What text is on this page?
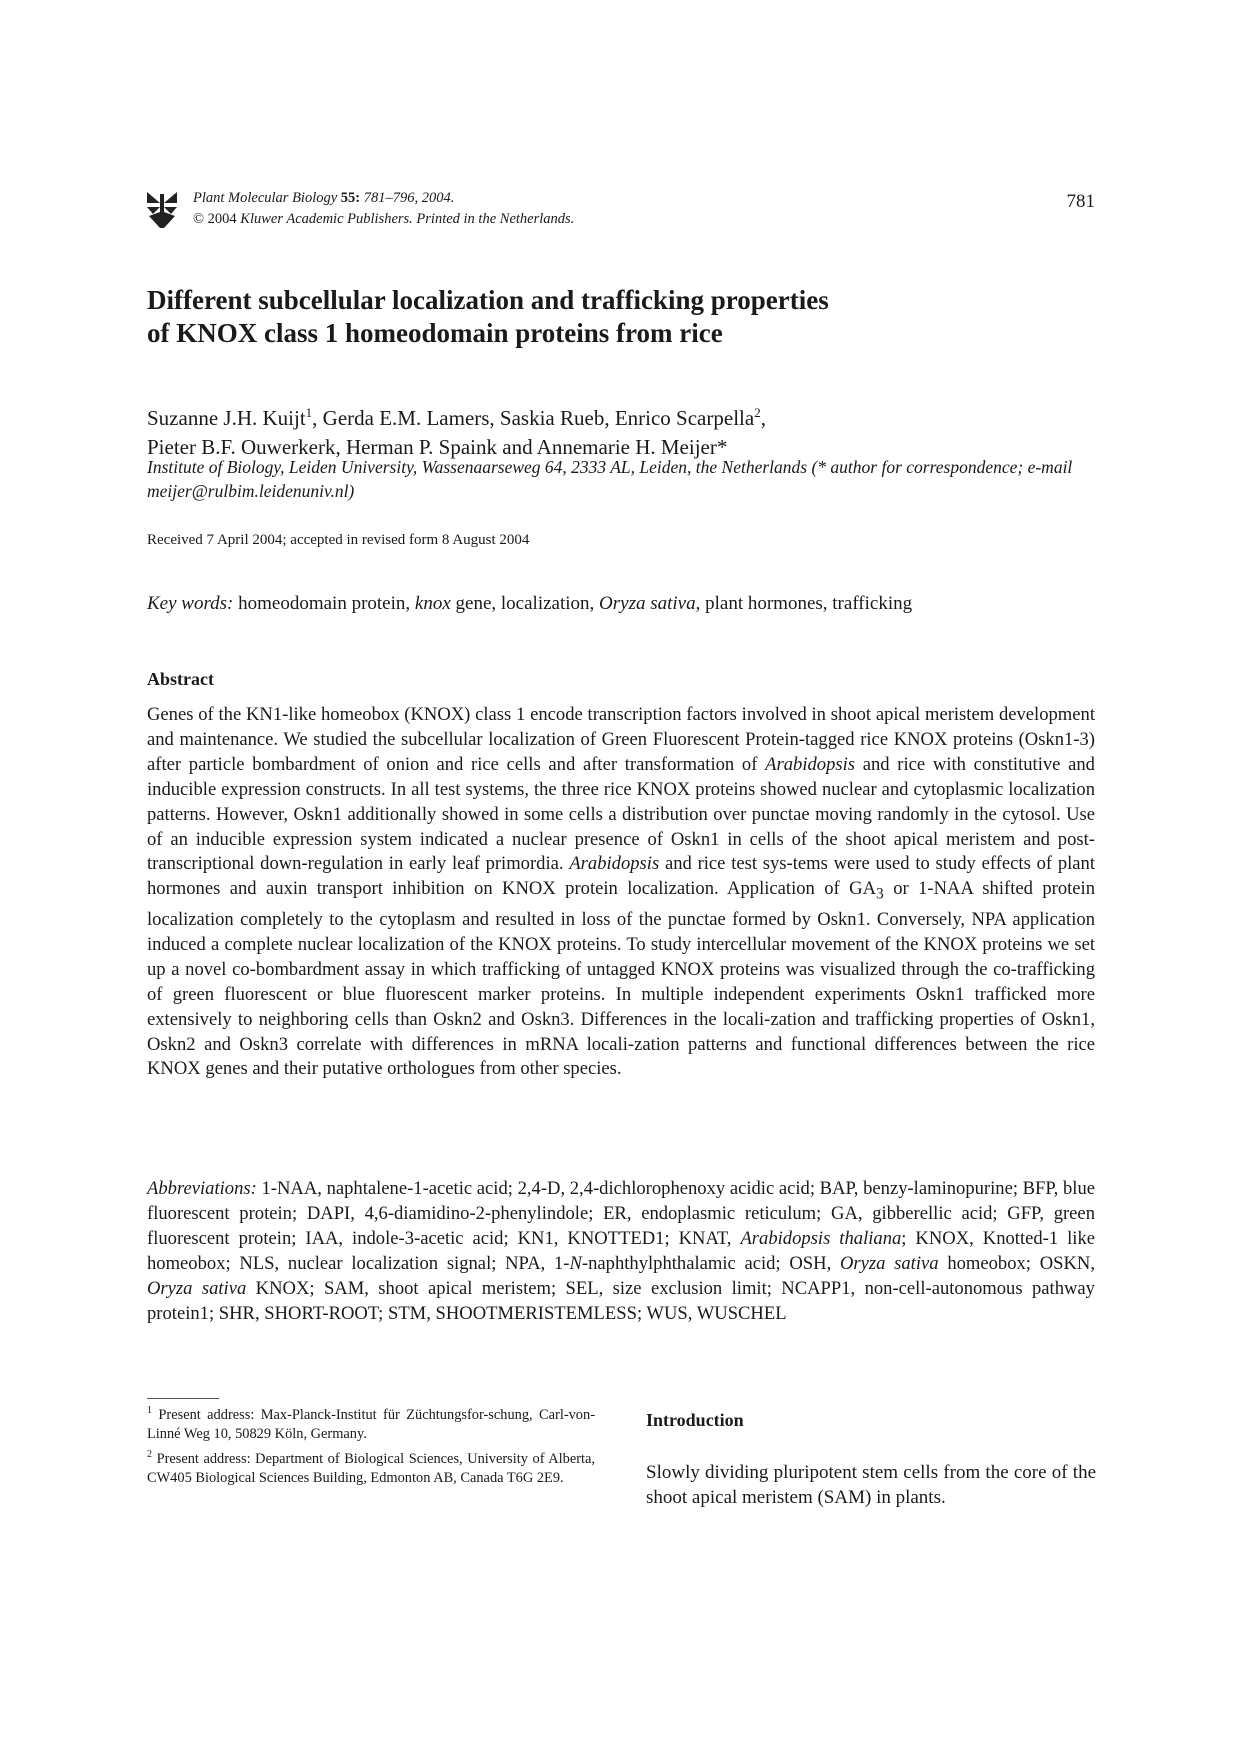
Plant Molecular Biology 55: 781–796, 2004.
© 2004 Kluwer Academic Publishers. Printed in the Netherlands.
781
Different subcellular localization and trafficking properties
of KNOX class 1 homeodomain proteins from rice
Suzanne J.H. Kuijt$^1$, Gerda E.M. Lamers, Saskia Rueb, Enrico Scarpella$^2$,
Pieter B.F. Ouwerkerk, Herman P. Spaink and Annemarie H. Meijer*
Institute of Biology, Leiden University, Wassenaarseweg 64, 2333 AL, Leiden, the Netherlands (* author for correspondence; e-mail meijer@rulbim.leidenuniv.nl)
Received 7 April 2004; accepted in revised form 8 August 2004
Key words: homeodomain protein, knox gene, localization, Oryza sativa, plant hormones, trafficking
Abstract

Genes of the KN1-like homeobox (KNOX) class 1 encode transcription factors involved in shoot apical meristem development and maintenance. We studied the subcellular localization of Green Fluorescent Protein-tagged rice KNOX proteins (Oskn1-3) after particle bombardment of onion and rice cells and after transformation of Arabidopsis and rice with constitutive and inducible expression constructs. In all test systems, the three rice KNOX proteins showed nuclear and cytoplasmic localization patterns. However, Oskn1 additionally showed in some cells a distribution over punctae moving randomly in the cytosol. Use of an inducible expression system indicated a nuclear presence of Oskn1 in cells of the shoot apical meristem and post-transcriptional down-regulation in early leaf primordia. Arabidopsis and rice test sys-tems were used to study effects of plant hormones and auxin transport inhibition on KNOX protein localization. Application of $GA_3$ or 1-NAA shifted protein localization completely to the cytoplasm and resulted in loss of the punctae formed by Oskn1. Conversely, NPA application induced a complete nuclear localization of the KNOX proteins. To study intercellular movement of the KNOX proteins we set up a novel co-bombardment assay in which trafficking of untagged KNOX proteins was visualized through the co-trafficking of green fluorescent or blue fluorescent marker proteins. In multiple independent experiments Oskn1 trafficked more extensively to neighboring cells than Oskn2 and Oskn3. Differences in the locali-zation and trafficking properties of Oskn1, Oskn2 and Oskn3 correlate with differences in mRNA locali-zation patterns and functional differences between the rice KNOX genes and their putative orthologues from other species.

Abbreviations: 1-NAA, naphtalene-1-acetic acid; 2,4-D, 2,4-dichlorophenoxy acidic acid; BAP, benzy-laminopurine; BFP, blue fluorescent protein; DAPI, 4,6-diamidino-2-phenylindole; ER, endoplasmic reticulum; GA, gibberellic acid; GFP, green fluorescent protein; IAA, indole-3-acetic acid; KN1, KNOTTED1; KNAT, Arabidopsis thaliana; KNOX, Knotted-1 like homeobox; NLS, nuclear localization signal; NPA, 1-N-naphthylphthalamic acid; OSH, Oryza sativa homeobox; OSKN, Oryza sativa KNOX; SAM, shoot apical meristem; SEL, size exclusion limit; NCAPP1, non-cell-autonomous pathway protein1; SHR, SHORT-ROOT; STM, SHOOTMERISTEMLESS; WUS, WUSCHEL

$^1$ Present address: Max-Planck-Institut für Züchtungsfor-schung, Carl-von-Linné Weg 10, 50829 Köln, Germany.

$^2$ Present address: Department of Biological Sciences, University of Alberta, CW405 Biological Sciences Building, Edmonton AB, Canada T6G 2E9.

Introduction

Slowly dividing pluripotent stem cells from the core of the shoot apical meristem (SAM) in plants.
